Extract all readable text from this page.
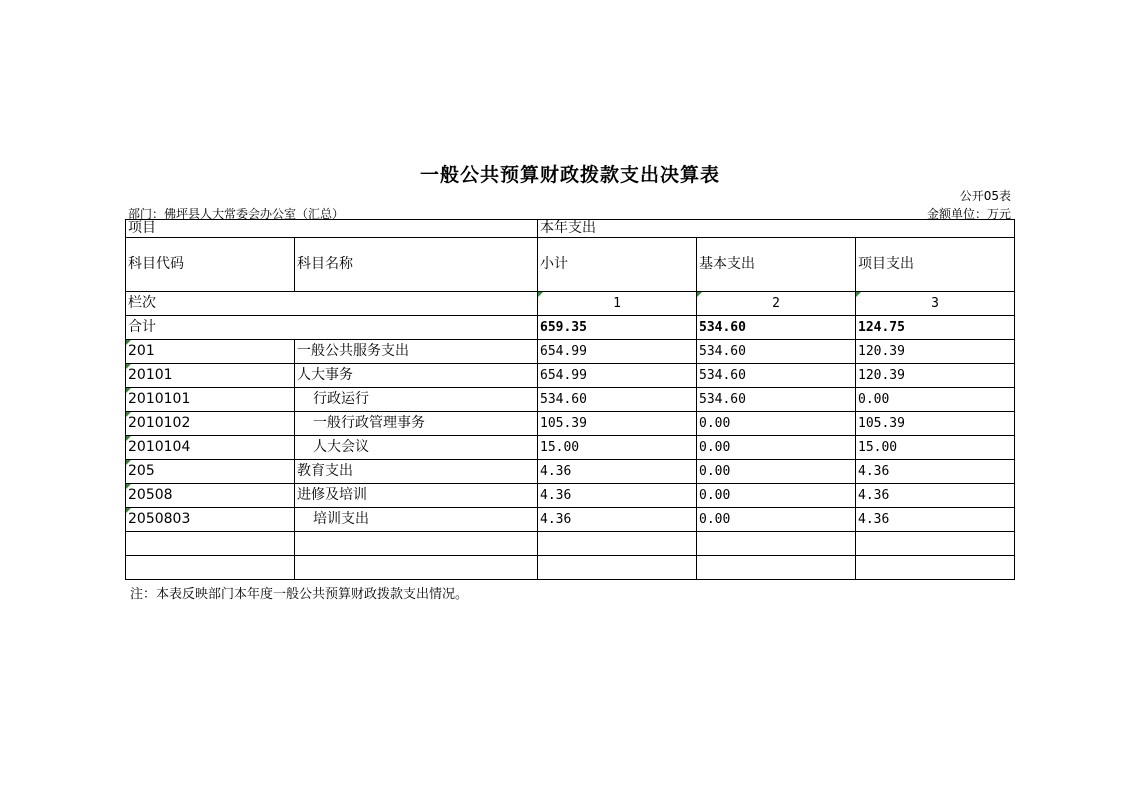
一般公共预算财政拨款支出决算表
公开05表
部门：佛坪县人大常委会办公室（汇总）	金额单位：万元
项目		本年支出		
科目代码	科目名称	小计	基本支出	项目支出
栏次		1	2	3
合计		659.35	534.60	124.75
201	一般公共服务支出	654.99	534.60	120.39
20101	人大事务	654.99	534.60	120.39
2010101	行政运行	534.60	534.60	0.00
2010102	一般行政管理事务	105.39	0.00	105.39
2010104	人大会议	15.00	0.00	15.00
205	教育支出	4.36	0.00	4.36
20508	进修及培训	4.36	0.00	4.36
2050803	培训支出	4.36	0.00	4.36

注：本表反映部门本年度一般公共预算财政拨款支出情况。
